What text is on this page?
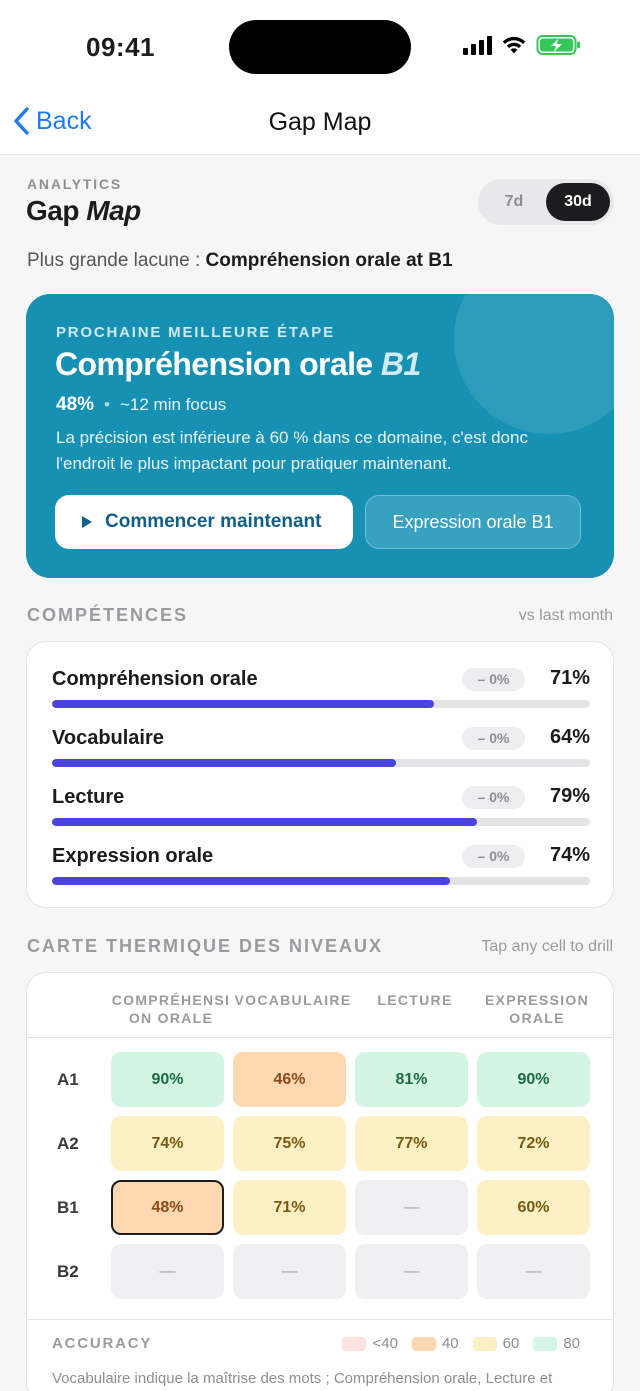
09:41
Back	Gap Map
ANALYTICS
Gap Map	7d	30d
Plus grande lacune : Compréhension orale at B1
PROCHAINE MEILLEURE ÉTAPE
Compréhension orale B1
48% • ~12 min focus
La précision est inférieure à 60 % dans ce domaine, c'est donc l'endroit le plus impactant pour pratiquer maintenant.
Commencer maintenant	Expression orale B1
COMPÉTENCES	vs last month
Compréhension orale	– 0%	71%
Vocabulaire	– 0%	64%
Lecture	– 0%	79%
Expression orale	– 0%	74%
CARTE THERMIQUE DES NIVEAUX	Tap any cell to drill
COMPRÉHENSI
ON ORALE
VOCABULAIRE	LECTURE	EXPRESSION
ORALE
A1	90%	46%	81%	90%
A2	74%	75%	77%	72%
B1	48%	71%	—	60%
B2	—	—	—	—
ACCURACY	<40	40	60	80
Vocabulaire indique la maîtrise des mots ; Compréhension orale, Lecture et
